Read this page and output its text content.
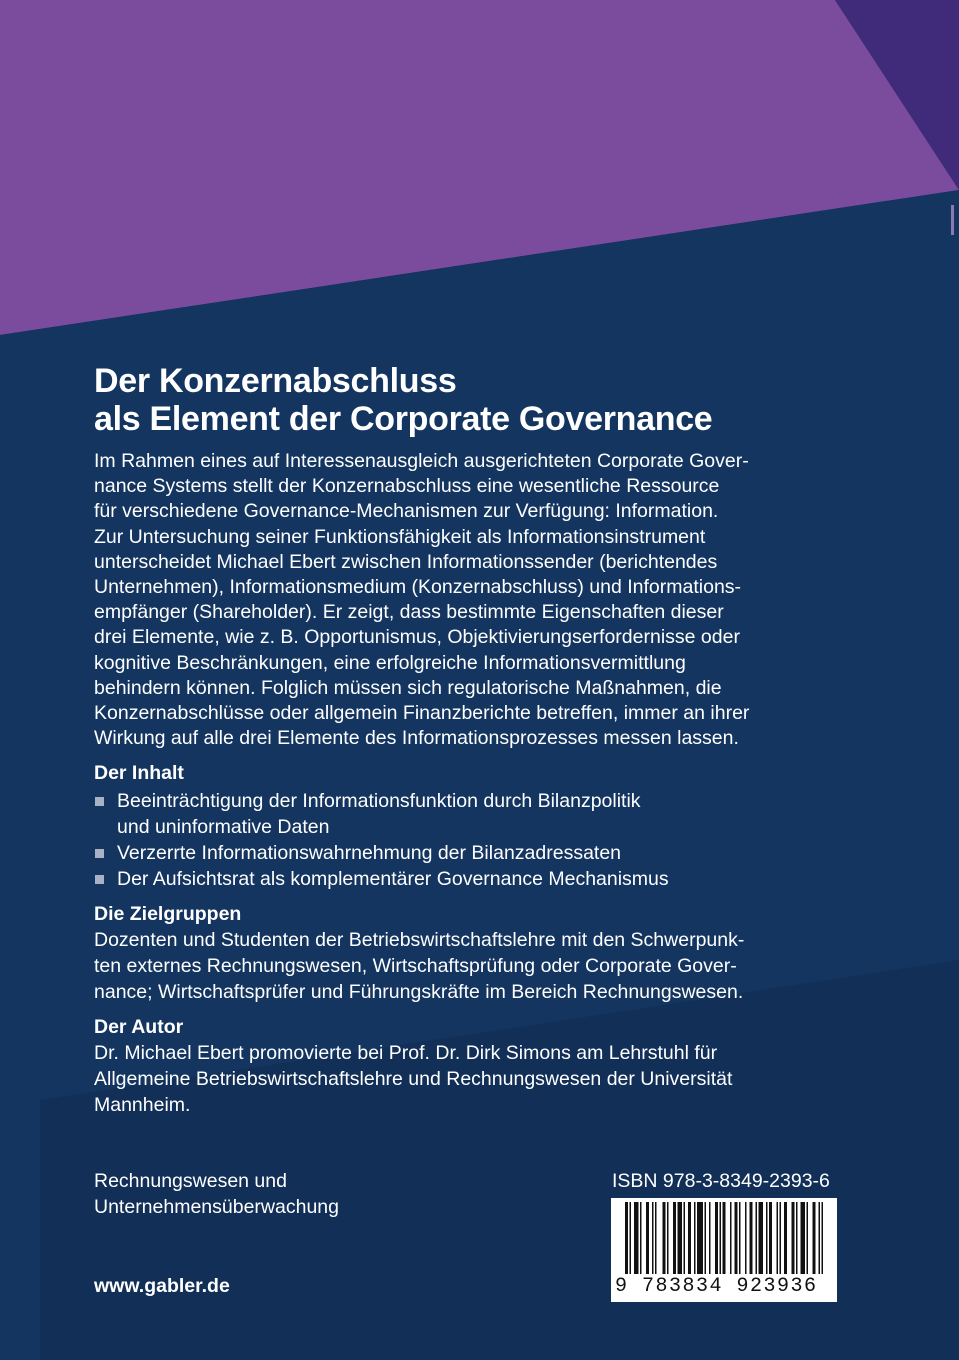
Der Konzernabschluss
als Element der Corporate Governance
Im Rahmen eines auf Interessenausgleich ausgerichteten Corporate Gover-
nance Systems stellt der Konzernabschluss eine wesentliche Ressource
für verschiedene Governance-Mechanismen zur Verfügung: Information.
Zur Untersuchung seiner Funktionsfähigkeit als Informationsinstrument
unterscheidet Michael Ebert zwischen Informationssender (berichtendes
Unternehmen), Informationsmedium (Konzernabschluss) und Informations-
empfänger (Shareholder). Er zeigt, dass bestimmte Eigenschaften dieser
drei Elemente, wie z. B. Opportunismus, Objektivierungserfordernisse oder
kognitive Beschränkungen, eine erfolgreiche Informationsvermittlung
behindern können. Folglich müssen sich regulatorische Maßnahmen, die
Konzernabschlüsse oder allgemein Finanzberichte betreffen, immer an ihrer
Wirkung auf alle drei Elemente des Informationsprozesses messen lassen.
Der Inhalt
Beeinträchtigung der Informationsfunktion durch Bilanzpolitik
und uninformative Daten
Verzerrte Informationswahrnehmung der Bilanzadressaten
Der Aufsichtsrat als komplementärer Governance Mechanismus
Die Zielgruppen
Dozenten und Studenten der Betriebswirtschaftslehre mit den Schwerpunk-
ten externes Rechnungswesen, Wirtschaftsprüfung oder Corporate Gover-
nance; Wirtschaftsprüfer und Führungskräfte im Bereich Rechnungswesen.
Der Autor
Dr. Michael Ebert promovierte bei Prof. Dr. Dirk Simons am Lehrstuhl für
Allgemeine Betriebswirtschaftslehre und Rechnungswesen der Universität
Mannheim.
Rechnungswesen und
Unternehmensüberwachung
www.gabler.de
ISBN 978-3-8349-2393-6
9 783834 923936
